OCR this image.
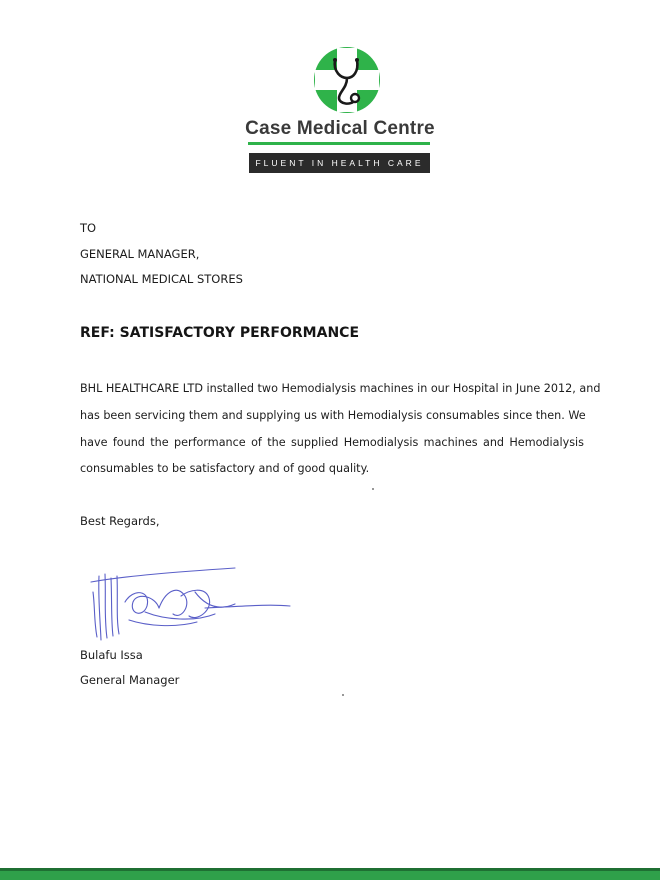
Case Medical Centre
FLUENT IN HEALTH CARE
TO
GENERAL MANAGER,
NATIONAL MEDICAL STORES
REF: SATISFACTORY PERFORMANCE
BHL HEALTHCARE LTD installed two Hemodialysis machines in our Hospital in June 2012, and
has been servicing them and supplying us with Hemodialysis consumables since then. We
have found the performance of the supplied Hemodialysis machines and Hemodialysis
consumables to be satisfactory and of good quality.
Best Regards,
Bulafu Issa
General Manager
